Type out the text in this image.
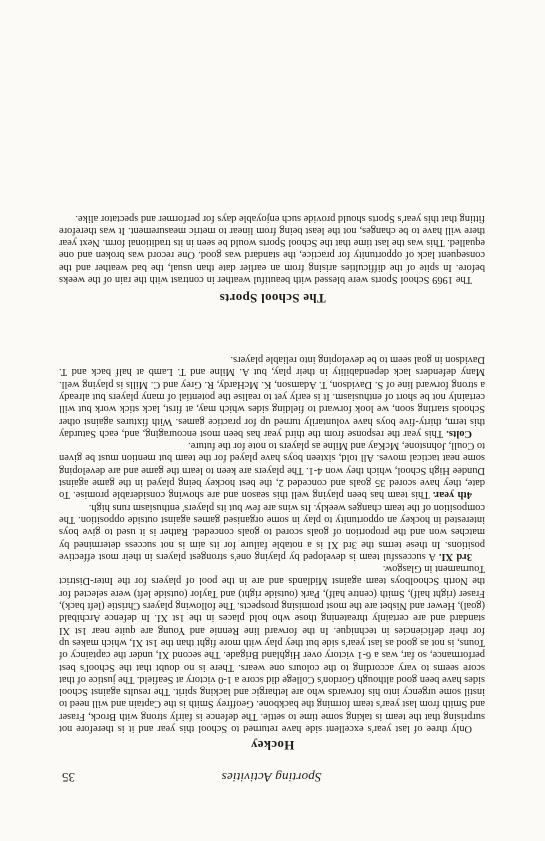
Sporting Activities
35
Hockey

Only three of last year's excellent side have returned to School this year and it is therefore not surprising that the team is taking some time to settle. The defence is fairly strong with Brock, Fraser and Smith from last year's team forming the backbone. Geoffrey Smith is the Captain and will need to instil some urgency into his forwards who are lethargic and lacking spirit. The results against School sides have been good although Gordon's College did score a 1-0 victory at Seafield. The justice of that score seems to vary according to the colours one wears. There is no doubt that the School's best performance, so far, was a 6-1 victory over Highland Brigade. The second XI, under the captaincy of Touns, is not as good as last year's side but they play with more fight than the 1st XI, which makes up for their deficiencies in technique. In the forward line Rennie and Young are quite near 1st XI standard and are certainly threatening those who hold places in the 1st XI. In defence Archibald (goal), Hewer and Nisbet are the most promising prospects. The following players Christie (left back), Fraser (right half), Smith (centre half), Park (outside right) and Taylor (outside left) were selected for the North Schoolboys team against Midlands and are in the pool of players for the Inter-District Tournament in Glasgow.

3rd XI. A successful team is developed by playing one's strongest players in their most effective positions. In these terms the 3rd XI is a notable failure for its aim is not success determined by matches won and the proportion of goals scored to goals conceded. Rather is it used to give boys interested in hockey an opportunity to play in some organised games against outside opposition. The composition of the team changes weekly. Its wins are few but its players' enthusiasm runs high.

4th year. This team has been playing well this season and are showing considerable promise. To date, they have scored 35 goals and conceded 2, the best hockey being played in the game against Dundee High School, which they won 4-1. The players are keen to learn the game and are developing some neat tactical moves. All told, sixteen boys have played for the team but mention must be given to Coull, Johnstone, McKay and Milne as players to note for the future.

Colts. This year the response from the third year has been most encouraging, and, each Saturday this term, thirty-five boys have voluntarily turned up for practice games. With fixtures against other Schools starting soon, we look forward to fielding sides which may, at first, lack stick work but will certainly not be short of enthusiasm. It is early yet to realise the potential of many players but already a strong forward line of S. Davidson, T. Adamson, K. McHardy, R. Grey and C. Mills is playing well. Many defenders lack dependability in their play, but A. Milne and T. Lamb at half back and T. Davidson in goal seem to be developing into reliable players.

The School Sports

The 1969 School Sports were blessed with beautiful weather in contrast with the rain of the weeks before. In spite of the difficulties arising from an earlier date than usual, the bad weather and the consequent lack of opportunity for practice, the standard was good. One record was broken and one equalled. This was the last time that the School Sports would be seen in its traditional form. Next year there will have to be changes, not the least being from linear to metric measurement. It was therefore fitting that this year's Sports should provide such enjoyable days for performer and spectator alike.
